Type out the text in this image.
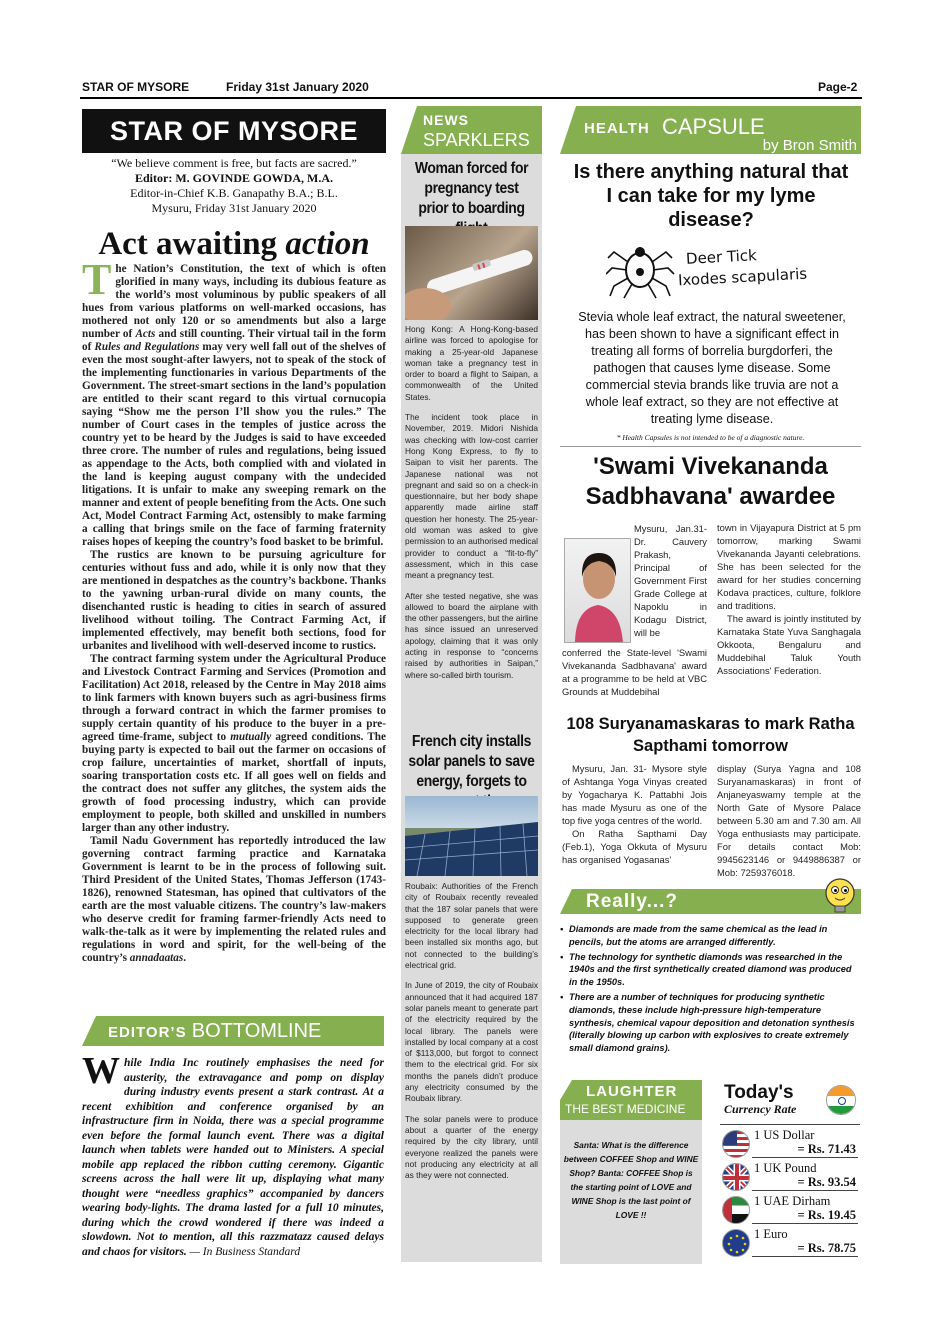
STAR OF MYSORE	Friday 31st January 2020	Page-2
STAR OF MYSORE
“We believe comment is free, but facts are sacred.”
Editor: M. GOVINDE GOWDA, M.A.
Editor-in-Chief K.B. Ganapathy B.A.; B.L.
Mysuru, Friday 31st January 2020
Act awaiting action

The Nation’s Constitution, the text of which is often glorified in many ways, including its dubious feature as the world’s most voluminous by public speakers of all hues from various platforms on well-marked occasions, has mothered not only 120 or so amendments but also a large number of Acts and still counting. Their virtual tail in the form of Rules and Regulations may very well fall out of the shelves of even the most sought-after lawyers, not to speak of the stock of the implementing functionaries in various Departments of the Government. The street-smart sections in the land’s population are entitled to their scant regard to this virtual cornucopia saying “Show me the person I’ll show you the rules.” The number of Court cases in the temples of justice across the country yet to be heard by the Judges is said to have exceeded three crore. The number of rules and regulations, being issued as appendage to the Acts, both complied with and violated in the land is keeping august company with the undecided litigations. It is unfair to make any sweeping remark on the manner and extent of people benefiting from the Acts. One such Act, Model Contract Farming Act, ostensibly to make farming a calling that brings smile on the face of farming fraternity raises hopes of keeping the country’s food basket to be brimful.

The rustics are known to be pursuing agriculture for centuries without fuss and ado, while it is only now that they are mentioned in despatches as the country’s backbone. Thanks to the yawning urban-rural divide on many counts, the disenchanted rustic is heading to cities in search of assured livelihood without toiling. The Contract Farming Act, if implemented effectively, may benefit both sections, food for urbanites and livelihood with well-deserved income to rustics.

The contract farming system under the Agricultural Produce and Livestock Contract Farming and Services (Promotion and Facilitation) Act 2018, released by the Centre in May 2018 aims to link farmers with known buyers such as agri-business firms through a forward contract in which the farmer promises to supply certain quantity of his produce to the buyer in a pre-agreed time-frame, subject to mutually agreed conditions. The buying party is expected to bail out the farmer on occasions of crop failure, uncertainties of market, shortfall of inputs, soaring transportation costs etc. If all goes well on fields and the contract does not suffer any glitches, the system aids the growth of food processing industry, which can provide employment to people, both skilled and unskilled in numbers larger than any other industry.

Tamil Nadu Government has reportedly introduced the law governing contract farming practice and Karnataka Government is learnt to be in the process of following suit. Third President of the United States, Thomas Jefferson (1743-1826), renowned Statesman, has opined that cultivators of the earth are the most valuable citizens. The country’s law-makers who deserve credit for framing farmer-friendly Acts need to walk-the-talk as it were by implementing the related rules and regulations in word and spirit, for the well-being of the country’s annadaatas.

EDITOR’S BOTTOMLINE
While India Inc routinely emphasises the need for austerity, the extravagance and pomp on display during industry events present a stark contrast. At a recent exhibition and conference organised by an infrastructure firm in Noida, there was a special programme even before the formal launch event. There was a digital launch when tablets were handed out to Ministers. A special mobile app replaced the ribbon cutting ceremony. Gigantic screens across the hall were lit up, displaying what many thought were “needless graphics” accompanied by dancers wearing body-lights. The drama lasted for a full 10 minutes, during which the crowd wondered if there was indeed a slowdown. Not to mention, all this razzmatazz caused delays and chaos for visitors. — In Business Standard
NEWS
SPARKLERS
Woman forced for pregnancy test prior to boarding

Hong Kong: A Hong-Kong-based airline was forced to apologise for making a 25-year-old Japanese woman take a pregnancy test in order to board a flight to Saipan, a commonwealth of the United States.

The incident took place in November, 2019. Midori Nishida was checking with low-cost carrier Hong Kong Express, to fly to Saipan to visit her parents. The Japanese national was not pregnant and said so on a check-in questionnaire, but her body shape apparently made airline staff question her honesty. The 25-year-old woman was asked to give permission to an authorised medical provider to conduct a “fit-to-fly” assessment, which in this case meant a pregnancy test.

After she tested negative, she was allowed to board the airplane with the other passengers, but the airline has since issued an unreserved apology, claiming that it was only acting in response to “concerns raised by authorities in Saipan,” where so-called birth tourism.

French city installs solar panels to save energy, forgets to

Roubaix: Authorities of the French city of Roubaix recently revealed that the 187 solar panels that were supposed to generate green electricity for the local library had been installed six months ago, but not connected to the building’s electrical grid.

In June of 2019, the city of Roubaix announced that it had acquired 187 solar panels meant to generate part of the electricity required by the local library. The panels were installed by local company at a cost of $113,000, but forgot to connect them to the electrical grid. For six months the panels didn’t produce any electricity consumed by the Roubaix library.

The solar panels were to produce about a quarter of the energy required by the city library, until everyone realized the panels were not producing any electricity at all as they were not connected.

HEALTH CAPSULE
by Bron Smith
Is there anything natural that I can take for my lyme disease?
Deer Tick
Ixodes scapularis
Stevia whole leaf extract, the natural sweetener, has been shown to have a significant effect in treating all forms of borrelia burgdorferi, the pathogen that causes lyme disease. Some commercial stevia brands like truvia are not a whole leaf extract, so they are not effective at treating lyme disease.
* Health Capsules is not intended to be of a diagnostic nature.
'Swami Vivekananda Sadbhavana' awardee
Mysuru, Jan.31- Dr. Cauvery Prakash, Principal of Government First Grade College at Napoklu in Kodagu District, will be
conferred the State-level 'Swami Vivekananda Sadbhavana' award at a programme to be held at VBC Grounds at Muddebihal

town in Vijayapura District at 5 pm tomorrow, marking Swami Vivekananda Jayanti celebrations. She has been selected for the award for her studies concerning Kodava practices, culture, folklore and traditions.

The award is jointly instituted by Karnataka State Yuva Sanghagala Okkoota, Bengaluru and Muddebihal Taluk Youth Associations' Federation.

108 Suryanamaskaras to mark Ratha Sapthami tomorrow

Mysuru, Jan. 31- Mysore style of Ashtanga Yoga Vinyas created by Yogacharya K. Pattabhi Jois has made Mysuru as one of the top five yoga centres of the world.

On Ratha Sapthami Day (Feb.1), Yoga Okkuta of Mysuru has organised Yogasanas'

display (Surya Yagna and 108 Suryanamaskaras) in front of Anjaneyaswamy temple at the North Gate of Mysore Palace between 5.30 am and 7.30 am. All Yoga enthusiasts may participate. For details contact Mob: 9945623146 or 9449886387 or Mob: 7259376018.
Really...?
• Diamonds are made from the same chemical as the lead in pencils, but the atoms are arranged differently.
• The technology for synthetic diamonds was researched in the 1940s and the first synthetically created diamond was produced in the 1950s.
• There are a number of techniques for producing synthetic diamonds, these include high-pressure high-temperature synthesis, chemical vapour deposition and detonation synthesis (literally blowing up carbon with explosives to create extremely small diamond grains).
LAUGHTER
THE BEST MEDICINE
Santa: What is the difference between COFFEE Shop and WINE Shop? Banta: COFFEE Shop is the starting point of LOVE and WINE Shop is the last point of LOVE !!
Today's
Currency Rate
1 US Dollar
= Rs. 71.43
1 UK Pound
= Rs. 93.54
1 UAE Dirham
= Rs. 19.45
1 Euro
= Rs. 78.75
